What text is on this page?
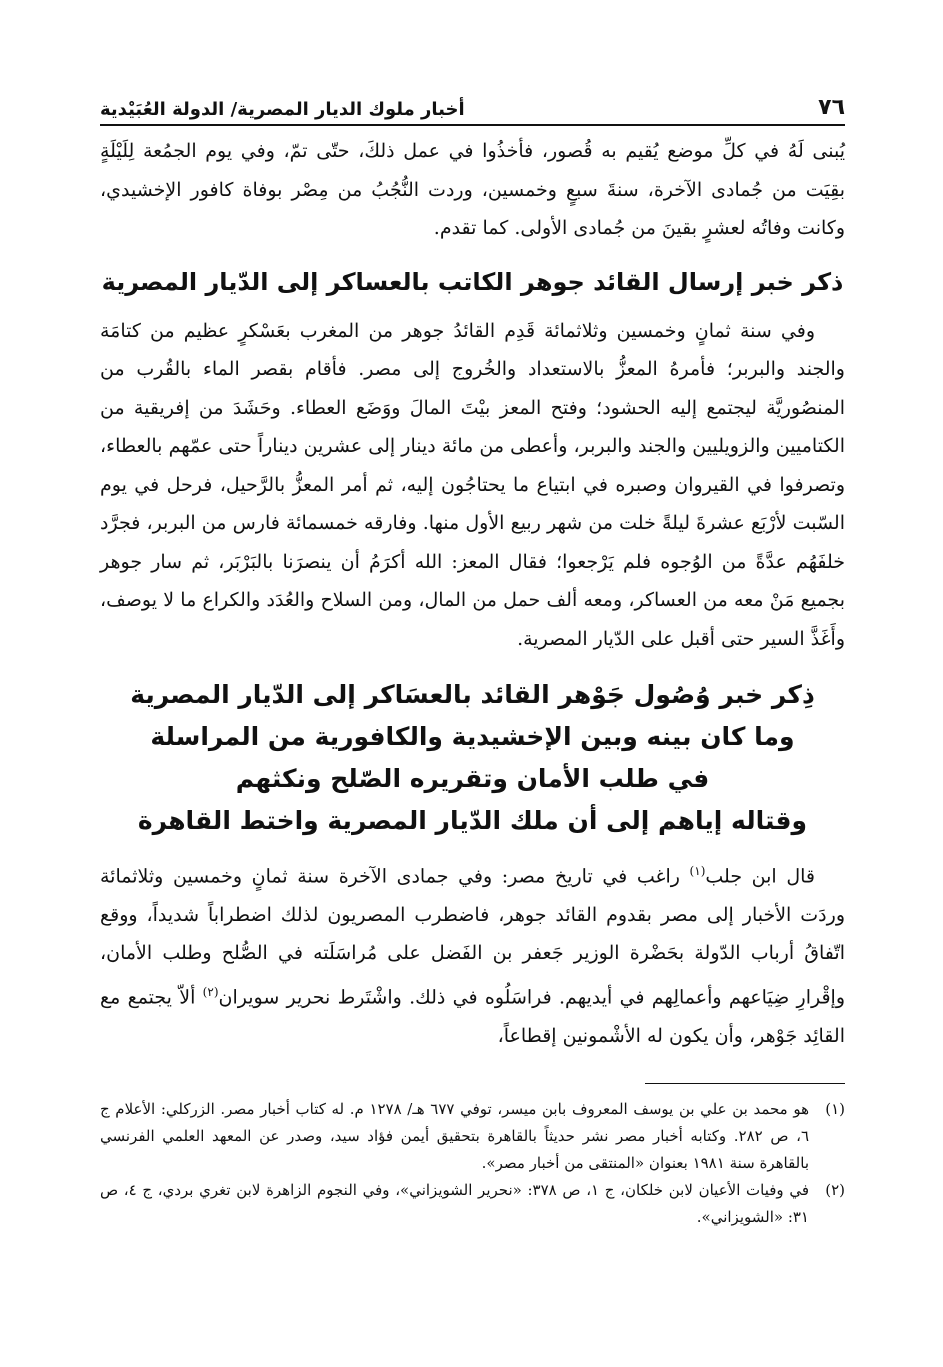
٧٦
أخبار ملوك الديار المصرية/ الدولة العُبَيْدية

يُبنى لَهُ في كلِّ موضع يُقيم به قُصور، فأخذُوا في عمل ذلكَ، حتّى تمّ، وفي يوم الجمُعة لِلَيْلَةٍ بقِيَت من جُمادى الآخرة، سنةَ سبعٍ وخمسين، وردت النُّجُبُ من مِصْر بوفاة كافور الإخشيدي، وكانت وفاتُه لعشرٍ بقينَ من جُمادى الأولى. كما تقدم.

ذكر خبر إرسال القائد جوهر الكاتب بالعساكر إلى الدّيار المصرية

وفي سنة ثمانٍ وخمسين وثلاثمائة قَدِم القائدُ جوهر من المغرب بعَسْكرٍ عظيم من كتامَة والجند والبربر؛ فأمرهُ المعزُّ بالاستعداد والخُروج إلى مصر. فأقام بقصر الماء بالقُرب من المنصُوريَّة ليجتمع إليه الحشود؛ وفتح المعز بيْتَ المالَ ووَضَع العطاء. وحَشَدَ من إفريقية من الكتاميين والزويليين والجند والبربر، وأعطى من مائة دينار إلى عشرين ديناراً حتى عمّهم بالعطاء، وتصرفوا في القيروان وصبره في ابتياع ما يحتاجُون إليه، ثم أمر المعزُّ بالرَّحيل، فرحل في يوم السّبت لأرْبَع عشرةَ ليلةً خلت من شهر ربيع الأول منها. وفارقه خمسمائة فارس من البربر، فجرَّد خلفَهُم عدَّةً من الوُجوه فلم يَرْجعوا؛ فقال المعز: الله أكرَمُ أن ينصرَنا بالبَرْبَر، ثم سار جوهر بجميع مَنْ معه من العساكر، ومعه ألف حمل من المال، ومن السلاح والعُدَد والكراع ما لا يوصف، وأَغَذَّ السير حتى أقبل على الدّيار المصرية.

ذِكر خبر وُصُول جَوْهر القائد بالعسَاكر إلى الدّيار المصرية
وما كان بينه وبين الإخشيدية والكافورية من المراسلة
في طلب الأمان وتقريره الصّلح ونكثهم
وقتاله إياهم إلى أن ملك الدّيار المصرية واختط القاهرة

قال ابن جلب$^{(١)}$ راغب في تاريخ مصر: وفي جمادى الآخرة سنة ثمانٍ وخمسين وثلاثمائة وردَت الأخبار إلى مصر بقدوم القائد جوهر، فاضطرب المصريون لذلك اضطراباً شديداً، ووقع اتّفاقُ أرباب الدّولة بحَضْرة الوزير جَعفر بن الفَضل على مُراسَلَته في الصُّلح وطلب الأمان، وإقْرارِ ضِيَاعهم وأعمالِهم في أيديهم. فراسَلُوه في ذلك. واشْتَرط نحرير سويران$^{(٢)}$ ألاّ يجتمع مع القائِد جَوْهر، وأن يكون له الأشْمونين إقطاعاً،

(١)
هو محمد بن علي بن يوسف المعروف بابن ميسر، توفي ٦٧٧ هـ/ ١٢٧٨ م. له كتاب أخبار مصر. الزركلي: الأعلام ج ٦، ص ٢٨٢. وكتابه أخبار مصر نشر حديثاً بالقاهرة بتحقيق أيمن فؤاد سيد، وصدر عن المعهد العلمي الفرنسي بالقاهرة سنة ١٩٨١ بعنوان «المنتقى من أخبار مصر».
(٢)
في وفيات الأعيان لابن خلكان، ج ١، ص ٣٧٨: «نحرير الشويزاني»، وفي النجوم الزاهرة لابن تغري بردي، ج ٤، ص ٣١: «الشويزاني».
